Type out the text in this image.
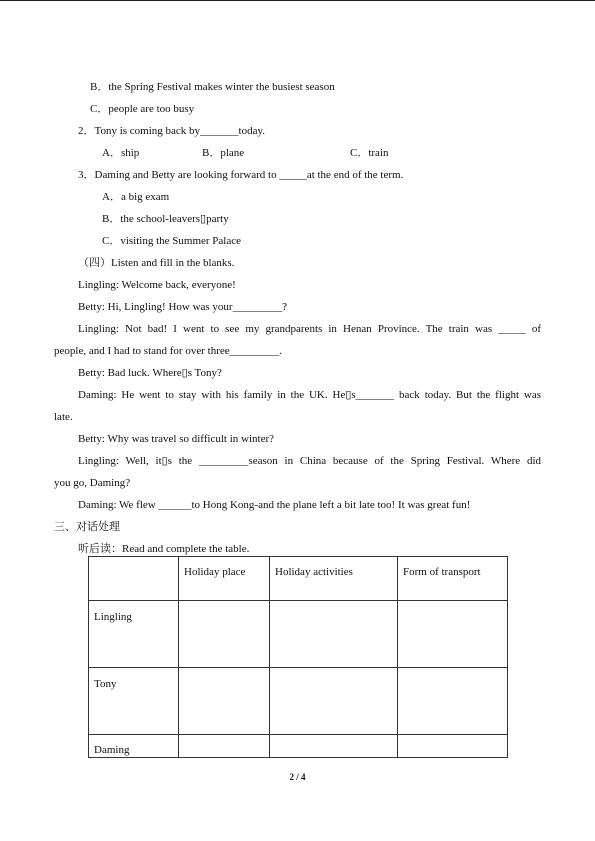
B．the Spring Festival makes winter the busiest season
C．people are too busy
2．Tony is coming back by_______today.
A．ship	B．plane	C．train
3．Daming and Betty are looking forward to _____at the end of the term.
A．a big exam
B．the school-leavers▯party
C．visiting the Summer Palace
（四）Listen and fill in the blanks.
Lingling: Welcome back, everyone!
Betty: Hi, Lingling! How was your_________?
Lingling: Not bad! I went to see my grandparents in Henan Province. The train was _____ of
people, and I had to stand for over three_________.
Betty: Bad luck. Where▯s Tony?
Daming: He went to stay with his family in the UK. He▯s_______ back today. But the flight was
late.
Betty: Why was travel so difficult in winter?
Lingling: Well, it▯s the _________season in China because of the Spring Festival. Where did
you go, Daming?
Daming: We flew ______to Hong Kong-and the plane left a bit late too! It was great fun!
三、对话处理
听后读：Read and complete the table.
	Holiday place	Holiday activities	Form of transport
Lingling			
Tony			
Daming			
2 / 4
